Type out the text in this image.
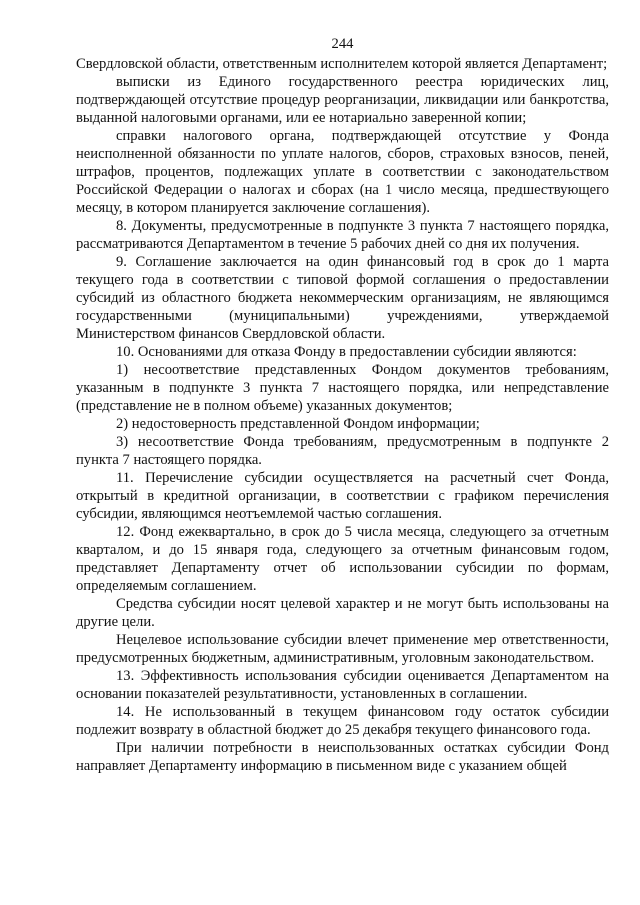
244

Свердловской области, ответственным исполнителем которой является Департамент;

выписки из Единого государственного реестра юридических лиц, подтверждающей отсутствие процедур реорганизации, ликвидации или банкротства, выданной налоговыми органами, или ее нотариально заверенной копии;

справки налогового органа, подтверждающей отсутствие у Фонда неисполненной обязанности по уплате налогов, сборов, страховых взносов, пеней, штрафов, процентов, подлежащих уплате в соответствии с законодательством Российской Федерации о налогах и сборах (на 1 число месяца, предшествующего месяцу, в котором планируется заключение соглашения).

8. Документы, предусмотренные в подпункте 3 пункта 7 настоящего порядка, рассматриваются Департаментом в течение 5 рабочих дней со дня их получения.

9. Соглашение заключается на один финансовый год в срок до 1 марта текущего года в соответствии с типовой формой соглашения о предоставлении субсидий из областного бюджета некоммерческим организациям, не являющимся государственными (муниципальными) учреждениями, утверждаемой Министерством финансов Свердловской области.

10. Основаниями для отказа Фонду в предоставлении субсидии являются:

1) несоответствие представленных Фондом документов требованиям, указанным в подпункте 3 пункта 7 настоящего порядка, или непредставление (представление не в полном объеме) указанных документов;

2) недостоверность представленной Фондом информации;

3) несоответствие Фонда требованиям, предусмотренным в подпункте 2 пункта 7 настоящего порядка.

11. Перечисление субсидии осуществляется на расчетный счет Фонда, открытый в кредитной организации, в соответствии с графиком перечисления субсидии, являющимся неотъемлемой частью соглашения.

12. Фонд ежеквартально, в срок до 5 числа месяца, следующего за отчетным кварталом, и до 15 января года, следующего за отчетным финансовым годом, представляет Департаменту отчет об использовании субсидии по формам, определяемым соглашением.

Средства субсидии носят целевой характер и не могут быть использованы на другие цели.

Нецелевое использование субсидии влечет применение мер ответственности, предусмотренных бюджетным, административным, уголовным законодательством.

13. Эффективность использования субсидии оценивается Департаментом на основании показателей результативности, установленных в соглашении.

14. Не использованный в текущем финансовом году остаток субсидии подлежит возврату в областной бюджет до 25 декабря текущего финансового года.

При наличии потребности в неиспользованных остатках субсидии Фонд направляет Департаменту информацию в письменном виде с указанием общей
